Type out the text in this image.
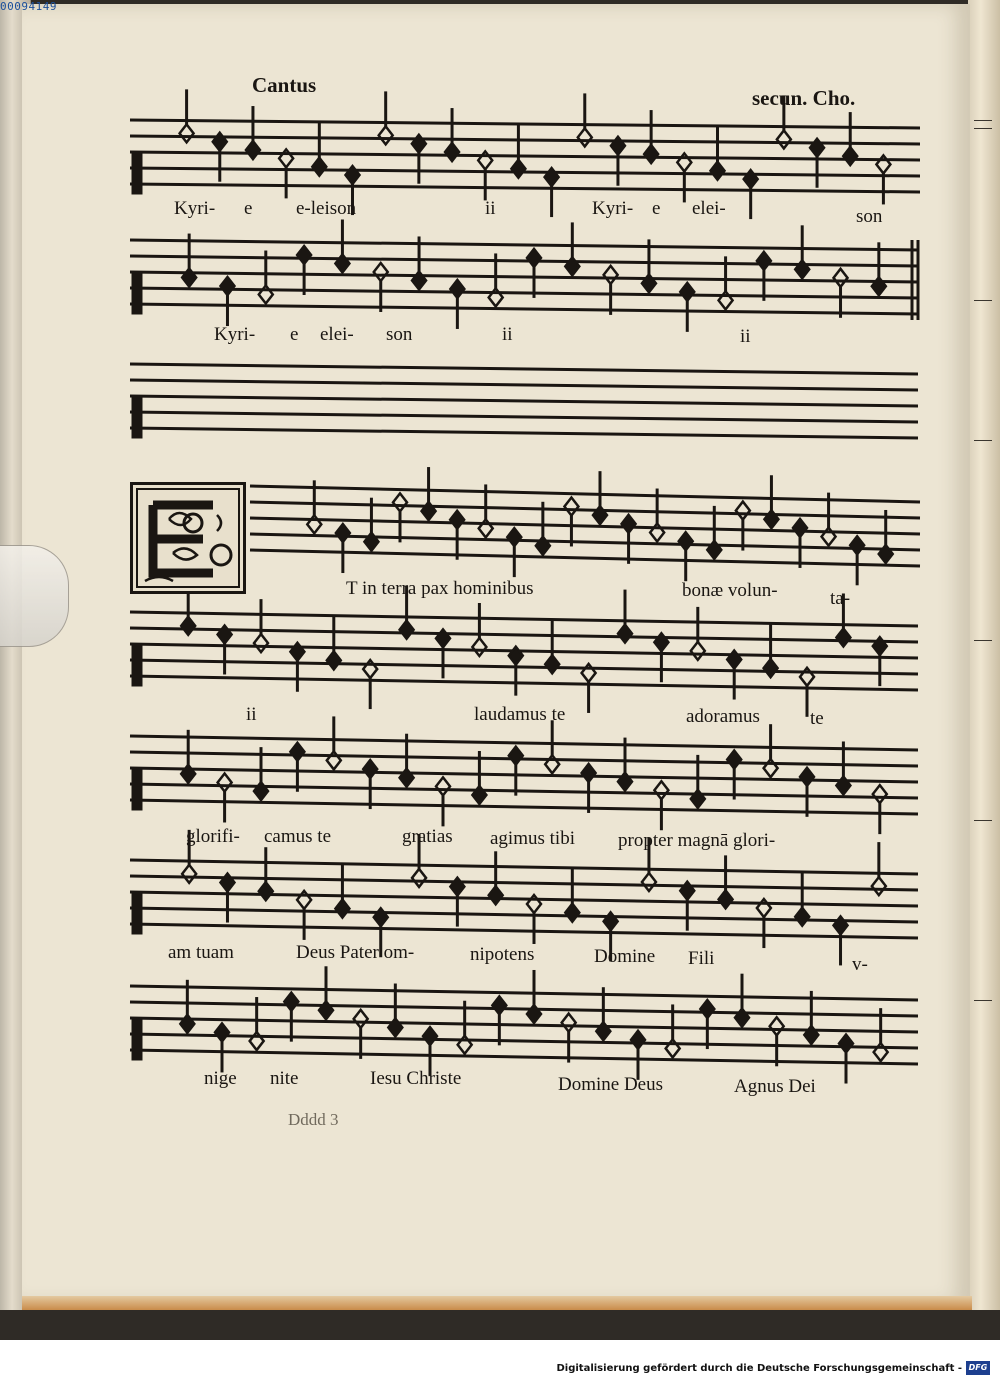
00094149
Cantus
secun. Cho.
Kyri- e e-leison	ii	Kyri- e elei-	son
Kyri- e elei- son	ii	ii
T in terra pax hominibus	bonæ volun-	ta-
ii	laudamus te	adoramus	te
glorifi- camus te	gratias agimus tibi propter magnā glori-
am tuam	Deus Pater om-	nipotens	Domine Fili	v-
nige nite	Iesu Christe	Domine Deus	Agnus Dei
Dddd 3
Digitalisierung gefördert durch die Deutsche Forschungsgemeinschaft - DFG
